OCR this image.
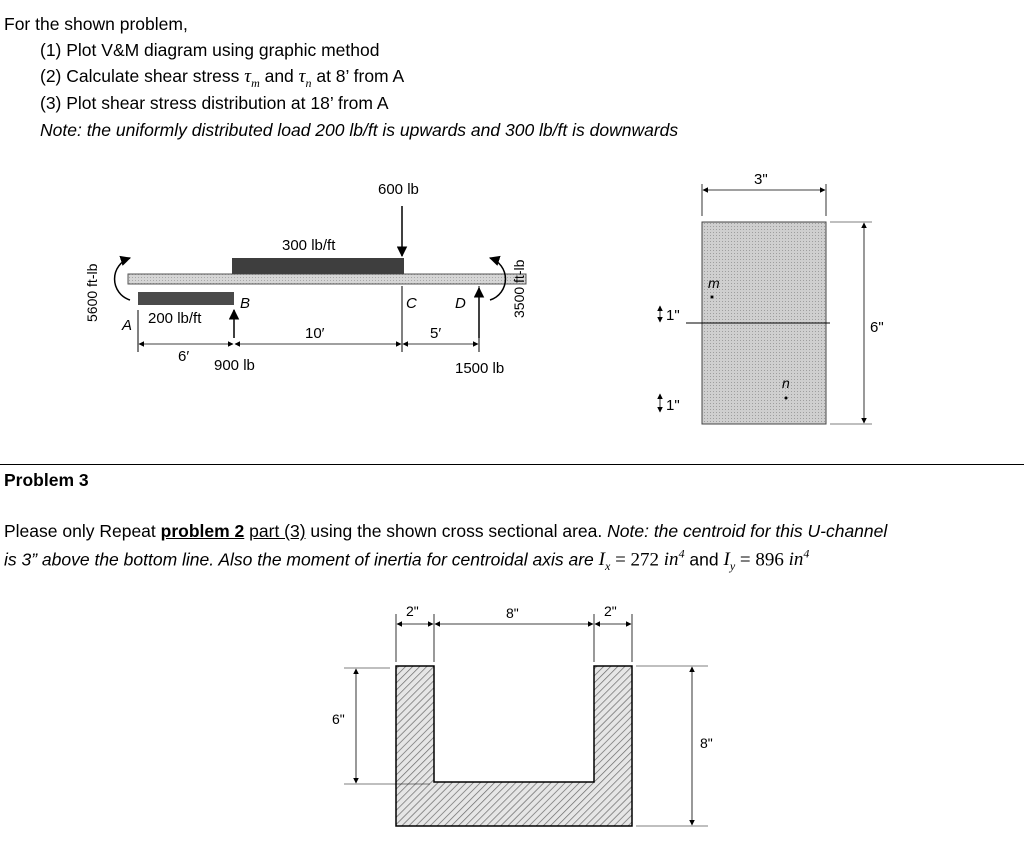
For the shown problem,
(1) Plot V&M diagram using graphic method
(2) Calculate shear stress $\tau_m$ and $\tau_n$ at 8’ from A
(3) Plot shear stress distribution at 18’ from A
Note: the uniformly distributed load 200 lb/ft is upwards and 300 lb/ft is downwards
600 lb
300 lb/ft
200 lb/ft
5600 ft-lb	3500 ft-lb
A
B	C	D
6′
10′	5′
900 lb	1500 lb
3"
6"
1"
1"
m
n
Problem 3
Please only Repeat problem 2 part (3) using the shown cross sectional area. Note: the centroid for this U-channel
is 3” above the bottom line. Also the moment of inertia for centroidal axis are $I_x = 272$ $in^4$ and $I_y = 896$ $in^4$
2"	8"	2"
6"
8"
